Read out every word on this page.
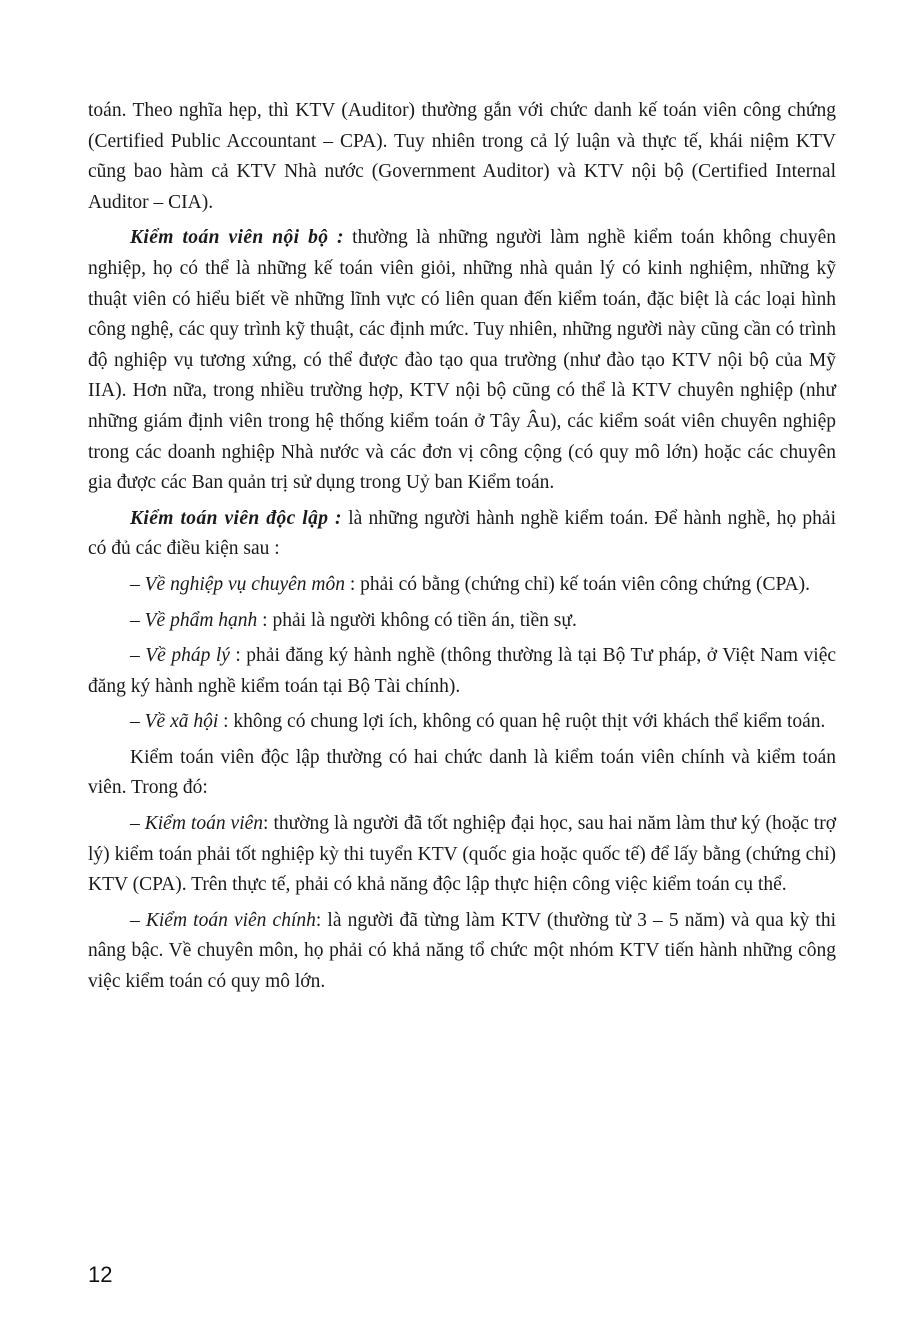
toán. Theo nghĩa hẹp, thì KTV (Auditor) thường gắn với chức danh kế toán viên công chứng (Certified Public Accountant – CPA). Tuy nhiên trong cả lý luận và thực tế, khái niệm KTV cũng bao hàm cả KTV Nhà nước (Government Auditor) và KTV nội bộ (Certified Internal Auditor – CIA).

Kiểm toán viên nội bộ : thường là những người làm nghề kiểm toán không chuyên nghiệp, họ có thể là những kế toán viên giỏi, những nhà quản lý có kinh nghiệm, những kỹ thuật viên có hiểu biết về những lĩnh vực có liên quan đến kiểm toán, đặc biệt là các loại hình công nghệ, các quy trình kỹ thuật, các định mức. Tuy nhiên, những người này cũng cần có trình độ nghiệp vụ tương xứng, có thể được đào tạo qua trường (như đào tạo KTV nội bộ của Mỹ IIA). Hơn nữa, trong nhiều trường hợp, KTV nội bộ cũng có thể là KTV chuyên nghiệp (như những giám định viên trong hệ thống kiểm toán ở Tây Âu), các kiểm soát viên chuyên nghiệp trong các doanh nghiệp Nhà nước và các đơn vị công cộng (có quy mô lớn) hoặc các chuyên gia được các Ban quản trị sử dụng trong Uỷ ban Kiểm toán.

Kiểm toán viên độc lập : là những người hành nghề kiểm toán. Để hành nghề, họ phải có đủ các điều kiện sau :

– Về nghiệp vụ chuyên môn : phải có bằng (chứng chỉ) kế toán viên công chứng (CPA).

– Về phẩm hạnh : phải là người không có tiền án, tiền sự.

– Về pháp lý : phải đăng ký hành nghề (thông thường là tại Bộ Tư pháp, ở Việt Nam việc đăng ký hành nghề kiểm toán tại Bộ Tài chính).

– Về xã hội : không có chung lợi ích, không có quan hệ ruột thịt với khách thể kiểm toán.

Kiểm toán viên độc lập thường có hai chức danh là kiểm toán viên chính và kiểm toán viên. Trong đó:

– Kiểm toán viên: thường là người đã tốt nghiệp đại học, sau hai năm làm thư ký (hoặc trợ lý) kiểm toán phải tốt nghiệp kỳ thi tuyển KTV (quốc gia hoặc quốc tế) để lấy bằng (chứng chỉ) KTV (CPA). Trên thực tế, phải có khả năng độc lập thực hiện công việc kiểm toán cụ thể.

– Kiểm toán viên chính: là người đã từng làm KTV (thường từ 3 – 5 năm) và qua kỳ thi nâng bậc. Về chuyên môn, họ phải có khả năng tổ chức một nhóm KTV tiến hành những công việc kiểm toán có quy mô lớn.

12
